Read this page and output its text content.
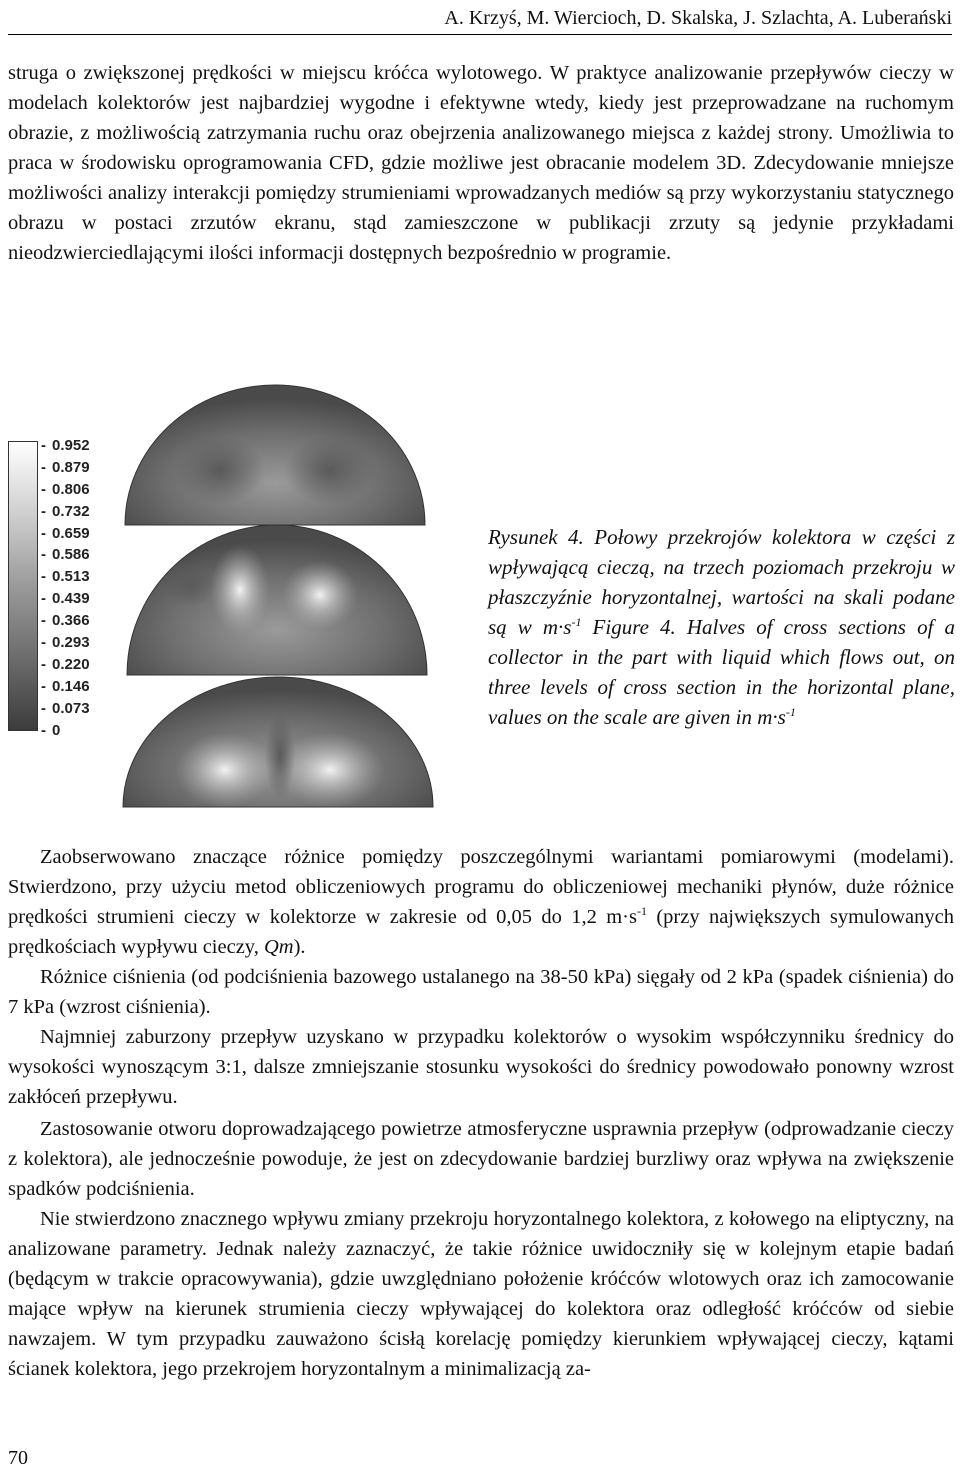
A. Krzyś, M. Wiercioch, D. Skalska, J. Szlachta, A. Luberański

struga o zwiększonej prędkości w miejscu króćca wylotowego. W praktyce analizowanie przepływów cieczy w modelach kolektorów jest najbardziej wygodne i efektywne wtedy, kiedy jest przeprowadzane na ruchomym obrazie, z możliwością zatrzymania ruchu oraz obejrzenia analizowanego miejsca z każdej strony. Umożliwia to praca w środowisku oprogramowania CFD, gdzie możliwe jest obracanie modelem 3D. Zdecydowanie mniejsze możliwości analizy interakcji pomiędzy strumieniami wprowadzanych mediów są przy wykorzystaniu statycznego obrazu w postaci zrzutów ekranu, stąd zamieszczone w publikacji zrzuty są jedynie przykładami nieodzwierciedlającymi ilości informacji dostępnych bezpośrednio w programie.

- 0.952
- 0.879
- 0.806
- 0.732
- 0.659
- 0.586
- 0.513
- 0.439
- 0.366
- 0.293
- 0.220
- 0.146
- 0.073
- 0

Rysunek 4. Połowy przekrojów kolektora w części z wpływającą cieczą, na trzech poziomach przekroju w płaszczyźnie horyzontalnej, wartości na skali podane są w $m\cdot s^{-1}$ Figure 4. Halves of cross sections of a collector in the part with liquid which flows out, on three levels of cross section in the horizontal plane, values on the scale are given in $m\cdot s^{-1}$

Zaobserwowano znaczące różnice pomiędzy poszczególnymi wariantami pomiarowymi (modelami). Stwierdzono, przy użyciu metod obliczeniowych programu do obliczeniowej mechaniki płynów, duże różnice prędkości strumieni cieczy w kolektorze w zakresie od 0,05 do 1,2 $m\cdot s^{-1}$ (przy największych symulowanych prędkościach wypływu cieczy, Qm).

Różnice ciśnienia (od podciśnienia bazowego ustalanego na 38-50 kPa) sięgały od 2 kPa (spadek ciśnienia) do 7 kPa (wzrost ciśnienia).

Najmniej zaburzony przepływ uzyskano w przypadku kolektorów o wysokim współczynniku średnicy do wysokości wynoszącym 3:1, dalsze zmniejszanie stosunku wysokości do średnicy powodowało ponowny wzrost zakłóceń przepływu.

Zastosowanie otworu doprowadzającego powietrze atmosferyczne usprawnia przepływ (odprowadzanie cieczy z kolektora), ale jednocześnie powoduje, że jest on zdecydowanie bardziej burzliwy oraz wpływa na zwiększenie spadków podciśnienia.

Nie stwierdzono znacznego wpływu zmiany przekroju horyzontalnego kolektora, z kołowego na eliptyczny, na analizowane parametry. Jednak należy zaznaczyć, że takie różnice uwidoczniły się w kolejnym etapie badań (będącym w trakcie opracowywania), gdzie uwzględniano położenie króćców wlotowych oraz ich zamocowanie mające wpływ na kierunek strumienia cieczy wpływającej do kolektora oraz odległość króćców od siebie nawzajem. W tym przypadku zauważono ścisłą korelację pomiędzy kierunkiem wpływającej cieczy, kątami ścianek kolektora, jego przekrojem horyzontalnym a minimalizacją za-

70
